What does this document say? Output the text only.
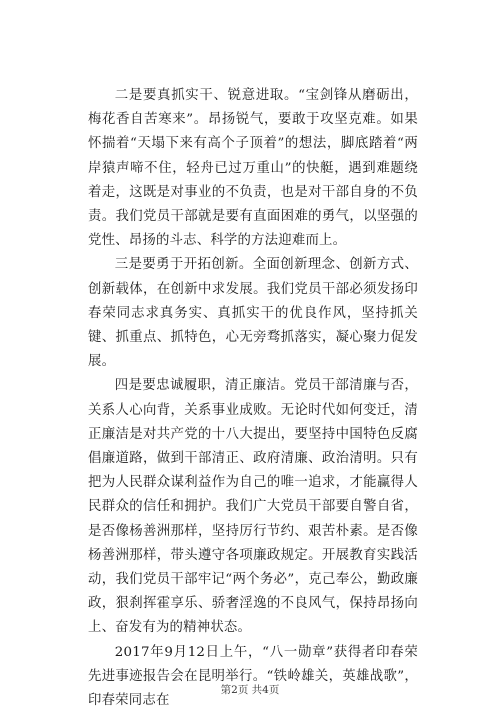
二是要真抓实干、锐意进取。“宝剑锋从磨砺出，梅花香自苦寒来”。昂扬锐气，要敢于攻坚克难。如果怀揣着“天塌下来有高个子顶着”的想法，脚底踏着“两岸猿声啼不住，轻舟已过万重山”的快艇，遇到难题绕着走，这既是对事业的不负责，也是对干部自身的不负责。我们党员干部就是要有直面困难的勇气，以坚强的党性、昂扬的斗志、科学的方法迎难而上。

三是要勇于开拓创新。全面创新理念、创新方式、创新载体，在创新中求发展。我们党员干部必须发扬印春荣同志求真务实、真抓实干的优良作风，坚持抓关键、抓重点、抓特色，心无旁骛抓落实，凝心聚力促发展。

四是要忠诚履职，清正廉洁。党员干部清廉与否，关系人心向背，关系事业成败。无论时代如何变迁，清正廉洁是对共产党的十八大提出，要坚持中国特色反腐倡廉道路，做到干部清正、政府清廉、政治清明。只有把为人民群众谋利益作为自己的唯一追求，才能赢得人民群众的信任和拥护。我们广大党员干部要自警自省，是否像杨善洲那样，坚持厉行节约、艰苦朴素。是否像杨善洲那样，带头遵守各项廉政规定。开展教育实践活动，我们党员干部牢记“两个务必”，克己奉公，勤政廉政，狠刹挥霍享乐、骄奢淫逸的不良风气，保持昂扬向上、奋发有为的精神状态。

2017年9月12日上午，“八一勋章”获得者印春荣先进事迹报告会在昆明举行。“铁岭雄关，英雄战歌”，印春荣同志在

第2页 共4页
